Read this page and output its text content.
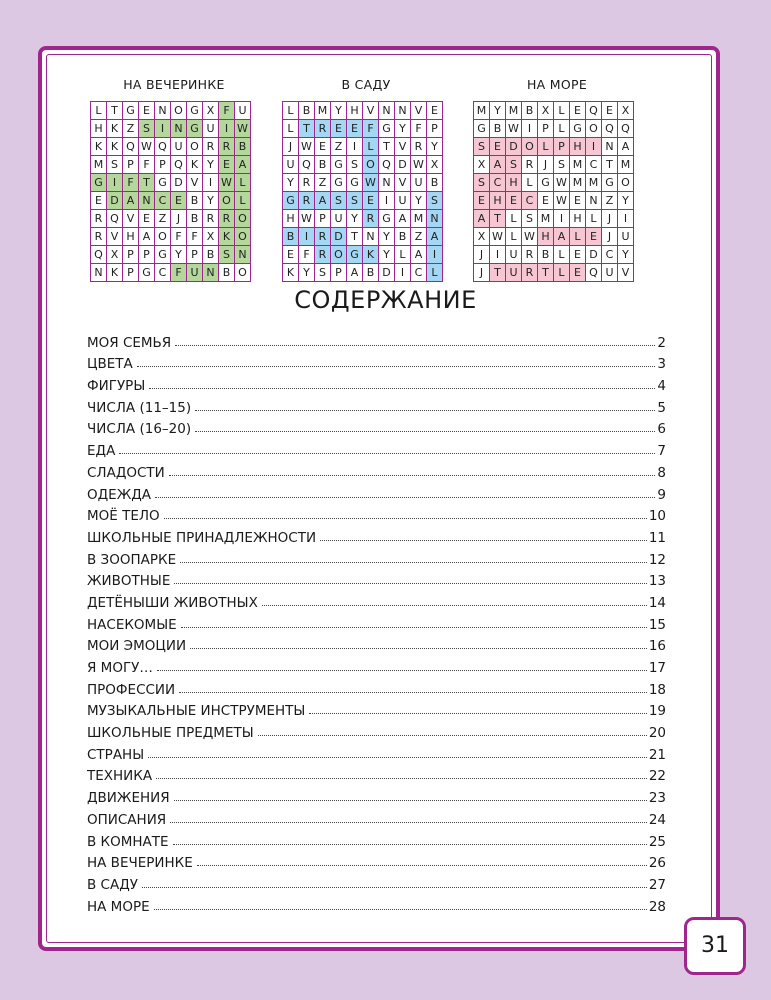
НА ВЕЧЕРИНКЕ	В САДУ	НА МОРЕ
L	T	G	E	N	O	G	X	F	U
H	K	Z	S	I	N	G	U	I	W
K	K	Q	W	Q	U	O	R	R	B
M	S	P	F	P	Q	K	Y	E	A
G	I	F	T	G	D	V	I	W	L
E	D	A	N	C	E	B	Y	O	L
R	Q	V	E	Z	J	B	R	R	O
R	V	H	A	O	F	F	X	K	O
Q	X	P	P	G	Y	P	B	S	N
N	K	P	G	C	F	U	N	B	O
L	B	M	Y	H	V	N	N	V	E
L	T	R	E	E	F	G	Y	F	P
J	W	E	Z	I	L	T	V	R	Y
U	Q	B	G	S	O	Q	D	W	X
Y	R	Z	G	G	W	N	V	U	B
G	R	A	S	S	E	I	U	Y	S
H	W	P	U	Y	R	G	A	M	N
B	I	R	D	T	N	Y	B	Z	A
E	F	R	O	G	K	Y	L	A	I
K	Y	S	P	A	B	D	I	C	L
M	Y	M	B	X	L	E	Q	E	X
G	B	W	I	P	L	G	O	Q	Q
S	E	D	O	L	P	H	I	N	A
X	A	S	R	J	S	M	C	T	M
S	C	H	L	G	W	M	M	G	O
E	H	E	C	E	W	E	N	Z	Y
A	T	L	S	M	I	H	L	J	I
X	W	L	W	H	A	L	E	J	U
J	I	U	R	B	L	E	D	C	Y
J	T	U	R	T	L	E	Q	U	V
СОДЕРЖАНИЕ
МОЯ СЕМЬЯ	2
ЦВЕТА	3
ФИГУРЫ	4
ЧИСЛА (11–15)	5
ЧИСЛА (16–20)	6
ЕДА	7
СЛАДОСТИ	8
ОДЕЖДА	9
МОЁ ТЕЛО	10
ШКОЛЬНЫЕ ПРИНАДЛЕЖНОСТИ	11
В ЗООПАРКЕ	12
ЖИВОТНЫЕ	13
ДЕТЁНЫШИ ЖИВОТНЫХ	14
НАСЕКОМЫЕ	15
МОИ ЭМОЦИИ	16
Я МОГУ…	17
ПРОФЕССИИ	18
МУЗЫКАЛЬНЫЕ ИНСТРУМЕНТЫ	19
ШКОЛЬНЫЕ ПРЕДМЕТЫ	20
СТРАНЫ	21
ТЕХНИКА	22
ДВИЖЕНИЯ	23
ОПИСАНИЯ	24
В КОМНАТЕ	25
НА ВЕЧЕРИНКЕ	26
В САДУ	27
НА МОРЕ	28
31
